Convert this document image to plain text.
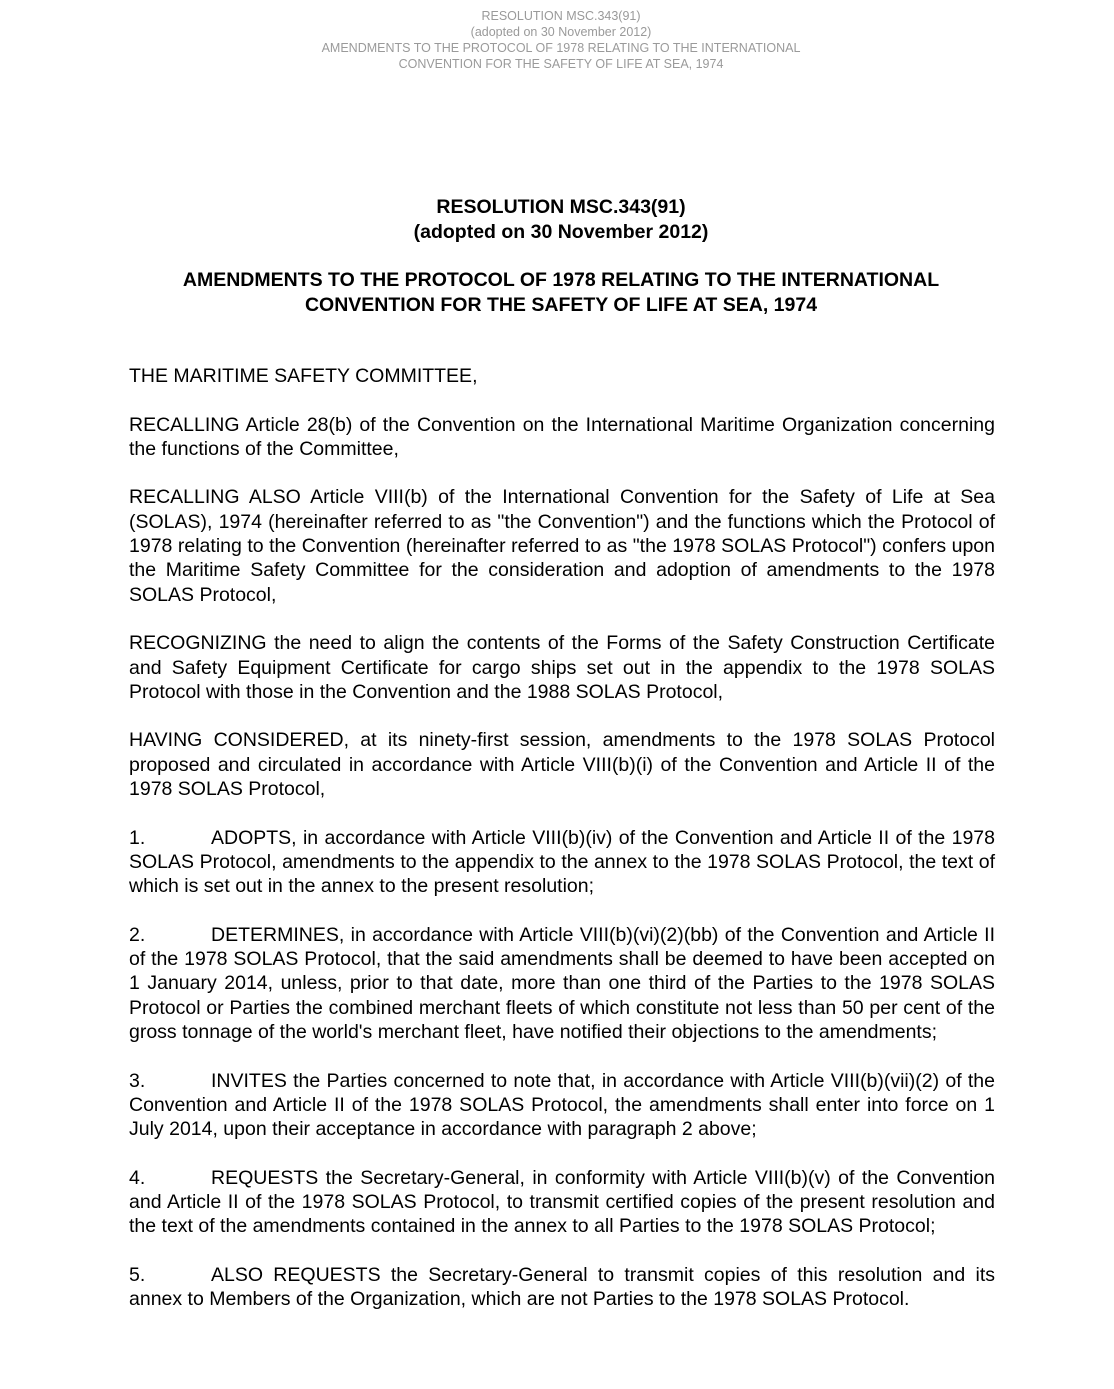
RESOLUTION MSC.343(91)
(adopted on 30 November 2012)
AMENDMENTS TO THE PROTOCOL OF 1978 RELATING TO THE INTERNATIONAL
CONVENTION FOR THE SAFETY OF LIFE AT SEA, 1974
RESOLUTION MSC.343(91)
(adopted on 30 November 2012)
AMENDMENTS TO THE PROTOCOL OF 1978 RELATING TO THE INTERNATIONAL
CONVENTION FOR THE SAFETY OF LIFE AT SEA, 1974

THE MARITIME SAFETY COMMITTEE,

RECALLING Article 28(b) of the Convention on the International Maritime Organization concerning the functions of the Committee,

RECALLING ALSO Article VIII(b) of the International Convention for the Safety of Life at Sea (SOLAS), 1974 (hereinafter referred to as "the Convention") and the functions which the Protocol of 1978 relating to the Convention (hereinafter referred to as "the 1978 SOLAS Protocol") confers upon the Maritime Safety Committee for the consideration and adoption of amendments to the 1978 SOLAS Protocol,

RECOGNIZING the need to align the contents of the Forms of the Safety Construction Certificate and Safety Equipment Certificate for cargo ships set out in the appendix to the 1978 SOLAS Protocol with those in the Convention and the 1988 SOLAS Protocol,

HAVING CONSIDERED, at its ninety-first session, amendments to the 1978 SOLAS Protocol proposed and circulated in accordance with Article VIII(b)(i) of the Convention and Article II of the 1978 SOLAS Protocol,

1.	ADOPTS, in accordance with Article VIII(b)(iv) of the Convention and Article II of the 1978 SOLAS Protocol, amendments to the appendix to the annex to the 1978 SOLAS Protocol, the text of which is set out in the annex to the present resolution;

2.	DETERMINES, in accordance with Article VIII(b)(vi)(2)(bb) of the Convention and Article II of the 1978 SOLAS Protocol, that the said amendments shall be deemed to have been accepted on 1 January 2014, unless, prior to that date, more than one third of the Parties to the 1978 SOLAS Protocol or Parties the combined merchant fleets of which constitute not less than 50 per cent of the gross tonnage of the world's merchant fleet, have notified their objections to the amendments;

3.	INVITES the Parties concerned to note that, in accordance with Article VIII(b)(vii)(2) of the Convention and Article II of the 1978 SOLAS Protocol, the amendments shall enter into force on 1 July 2014, upon their acceptance in accordance with paragraph 2 above;

4.	REQUESTS the Secretary-General, in conformity with Article VIII(b)(v) of the Convention and Article II of the 1978 SOLAS Protocol, to transmit certified copies of the present resolution and the text of the amendments contained in the annex to all Parties to the 1978 SOLAS Protocol;

5.	ALSO REQUESTS the Secretary-General to transmit copies of this resolution and its annex to Members of the Organization, which are not Parties to the 1978 SOLAS Protocol.
